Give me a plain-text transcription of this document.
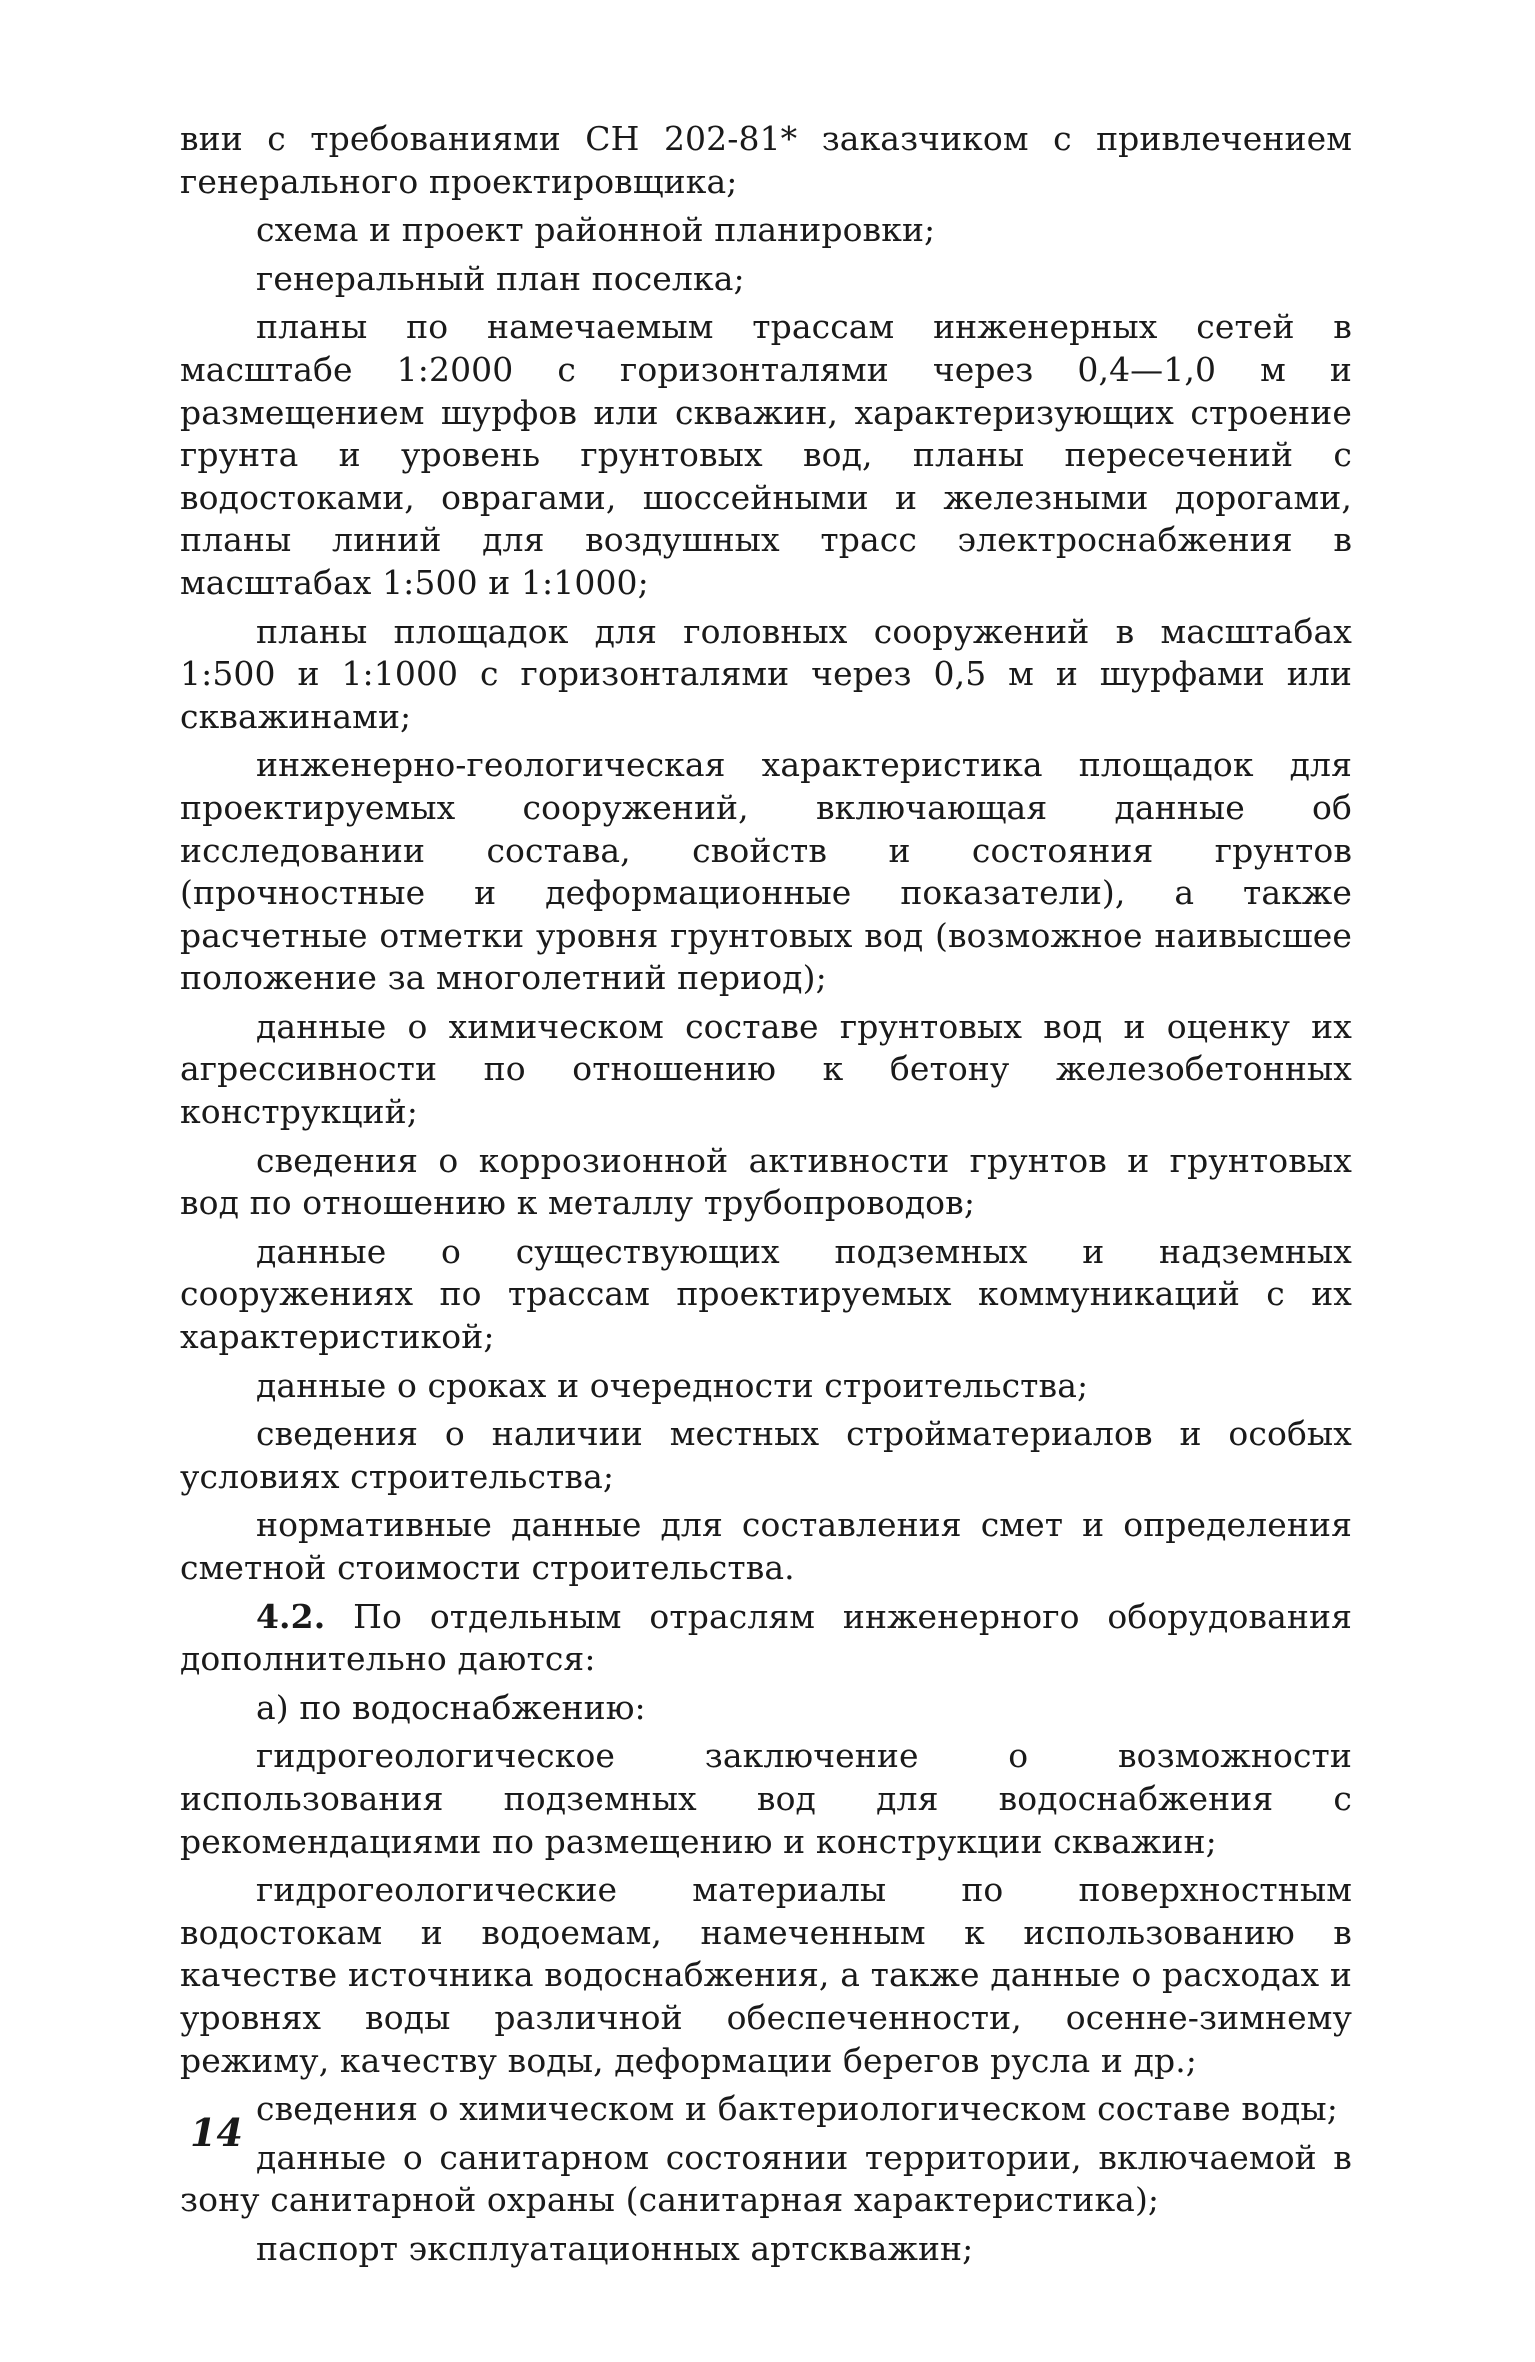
вии с требованиями СН 202-81* заказчиком с привлечением генерального проектировщика;

схема и проект районной планировки;

генеральный план поселка;

планы по намечаемым трассам инженерных сетей в масштабе 1:2000 с горизонталями через 0,4—1,0 м и размещением шурфов или скважин, характеризующих строение грунта и уровень грунтовых вод, планы пересечений с водостоками, оврагами, шоссейными и железными дорогами, планы линий для воздушных трасс электроснабжения в масштабах 1:500 и 1:1000;

планы площадок для головных сооружений в масштабах 1:500 и 1:1000 с горизонталями через 0,5 м и шурфами или скважинами;

инженерно-геологическая характеристика площадок для проектируемых сооружений, включающая данные об исследовании состава, свойств и состояния грунтов (прочностные и деформационные показатели), а также расчетные отметки уровня грунтовых вод (возможное наивысшее положение за многолетний период);

данные о химическом составе грунтовых вод и оценку их агрессивности по отношению к бетону железобетонных конструкций;

сведения о коррозионной активности грунтов и грунтовых вод по отношению к металлу трубопроводов;

данные о существующих подземных и надземных сооружениях по трассам проектируемых коммуникаций с их характеристикой;

данные о сроках и очередности строительства;

сведения о наличии местных стройматериалов и особых условиях строительства;

нормативные данные для составления смет и определения сметной стоимости строительства.

4.2. По отдельным отраслям инженерного оборудования дополнительно даются:

а) по водоснабжению:

гидрогеологическое заключение о возможности использования подземных вод для водоснабжения с рекомендациями по размещению и конструкции скважин;

гидрогеологические материалы по поверхностным водостокам и водоемам, намеченным к использованию в качестве источника водоснабжения, а также данные о расходах и уровнях воды различной обеспеченности, осенне-зимнему режиму, качеству воды, деформации берегов русла и др.;

сведения о химическом и бактериологическом составе воды;

данные о санитарном состоянии территории, включаемой в зону санитарной охраны (санитарная характеристика);

паспорт эксплуатационных артскважин;

14
